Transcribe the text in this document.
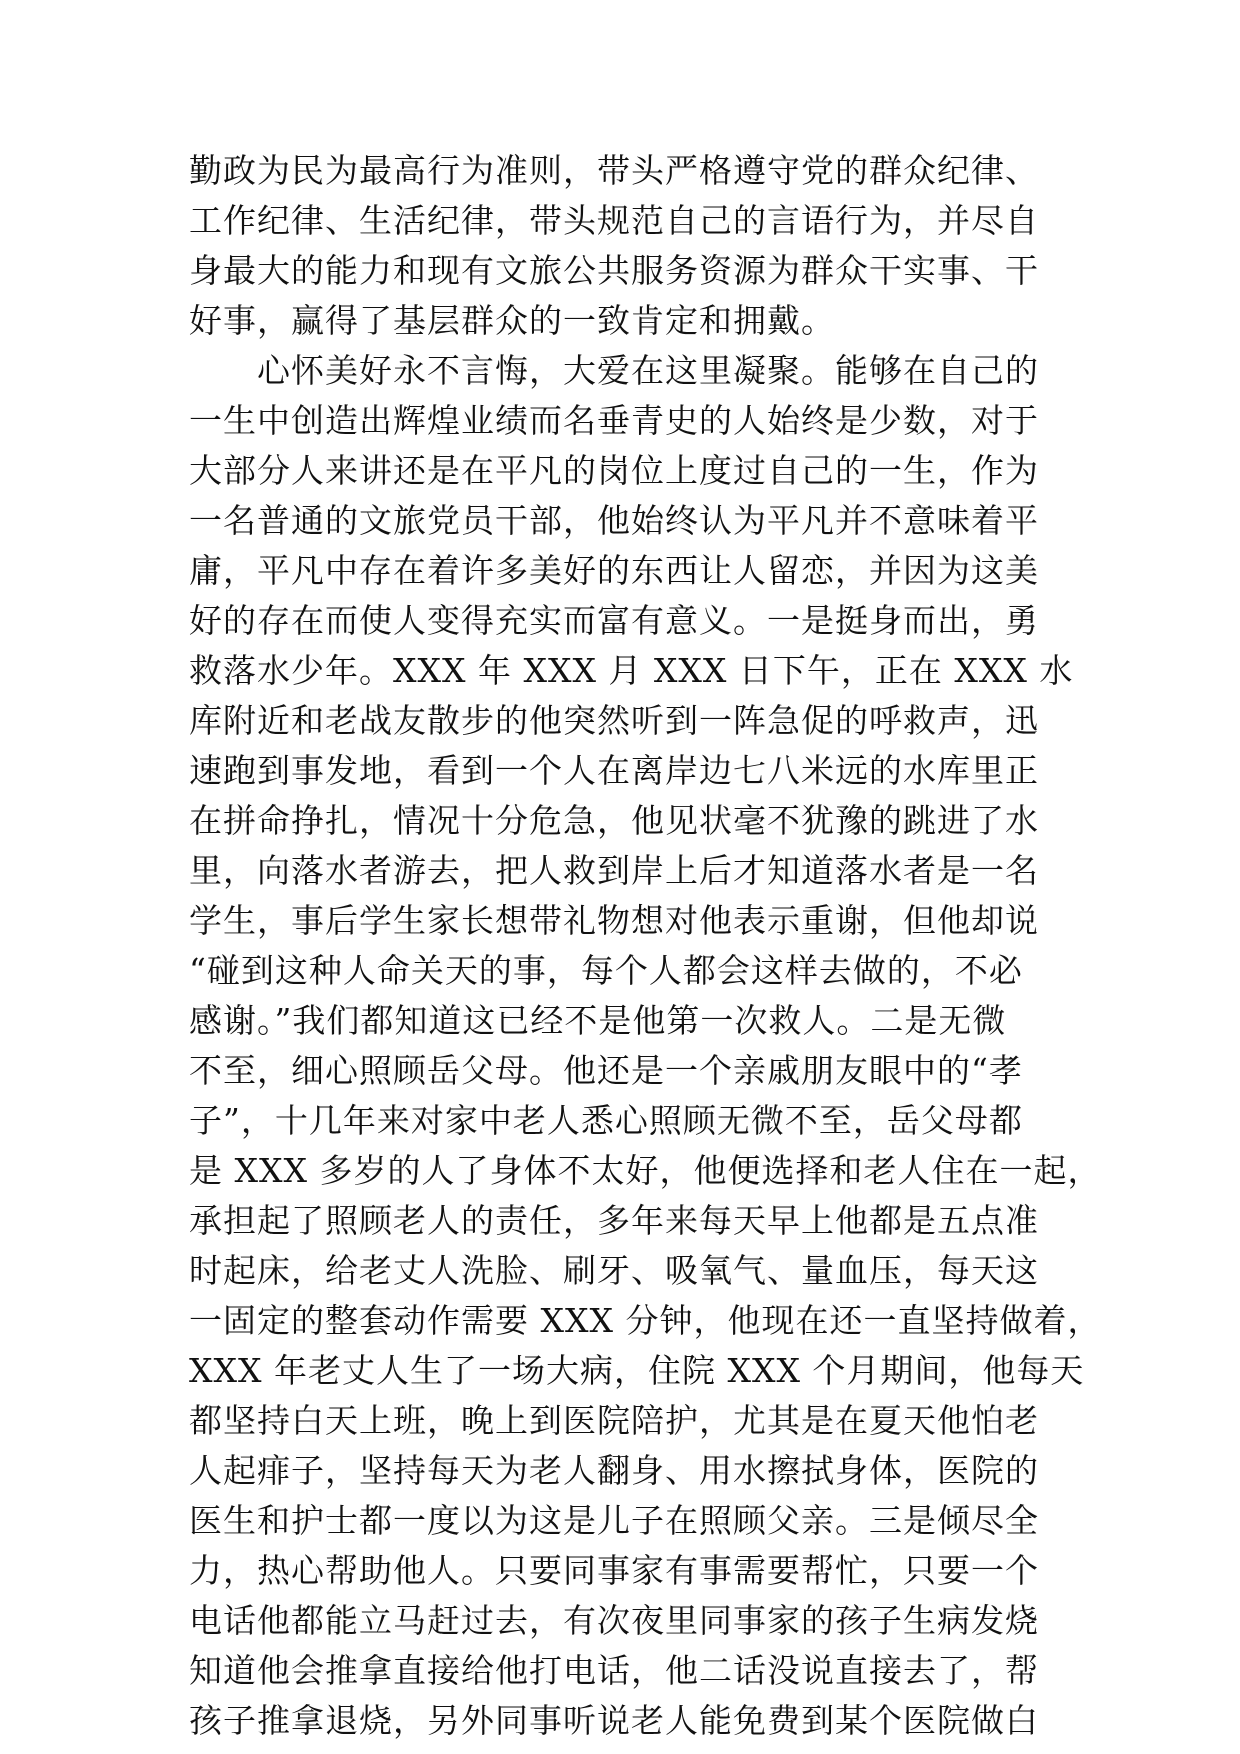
勤政为民为最高行为准则，带头严格遵守党的群众纪律、
工作纪律、生活纪律，带头规范自己的言语行为，并尽自
身最大的能力和现有文旅公共服务资源为群众干实事、干
好事，赢得了基层群众的一致肯定和拥戴。
　　心怀美好永不言悔，大爱在这里凝聚。能够在自己的
一生中创造出辉煌业绩而名垂青史的人始终是少数，对于
大部分人来讲还是在平凡的岗位上度过自己的一生，作为
一名普通的文旅党员干部，他始终认为平凡并不意味着平
庸，平凡中存在着许多美好的东西让人留恋，并因为这美
好的存在而使人变得充实而富有意义。一是挺身而出，勇
救落水少年。XXX 年 XXX 月 XXX 日下午，正在 XXX 水
库附近和老战友散步的他突然听到一阵急促的呼救声，迅
速跑到事发地，看到一个人在离岸边七八米远的水库里正
在拼命挣扎，情况十分危急，他见状毫不犹豫的跳进了水
里，向落水者游去，把人救到岸上后才知道落水者是一名
学生，事后学生家长想带礼物想对他表示重谢，但他却说
“碰到这种人命关天的事，每个人都会这样去做的，不必
感谢。”我们都知道这已经不是他第一次救人。二是无微
不至，细心照顾岳父母。他还是一个亲戚朋友眼中的“孝
子”，十几年来对家中老人悉心照顾无微不至，岳父母都
是 XXX 多岁的人了身体不太好，他便选择和老人住在一起，
承担起了照顾老人的责任，多年来每天早上他都是五点准
时起床，给老丈人洗脸、刷牙、吸氧气、量血压，每天这
一固定的整套动作需要 XXX 分钟，他现在还一直坚持做着，
XXX 年老丈人生了一场大病，住院 XXX 个月期间，他每天
都坚持白天上班，晚上到医院陪护，尤其是在夏天他怕老
人起痱子，坚持每天为老人翻身、用水擦拭身体，医院的
医生和护士都一度以为这是儿子在照顾父亲。三是倾尽全
力，热心帮助他人。只要同事家有事需要帮忙，只要一个
电话他都能立马赶过去，有次夜里同事家的孩子生病发烧
知道他会推拿直接给他打电话，他二话没说直接去了，帮
孩子推拿退烧，另外同事听说老人能免费到某个医院做白
